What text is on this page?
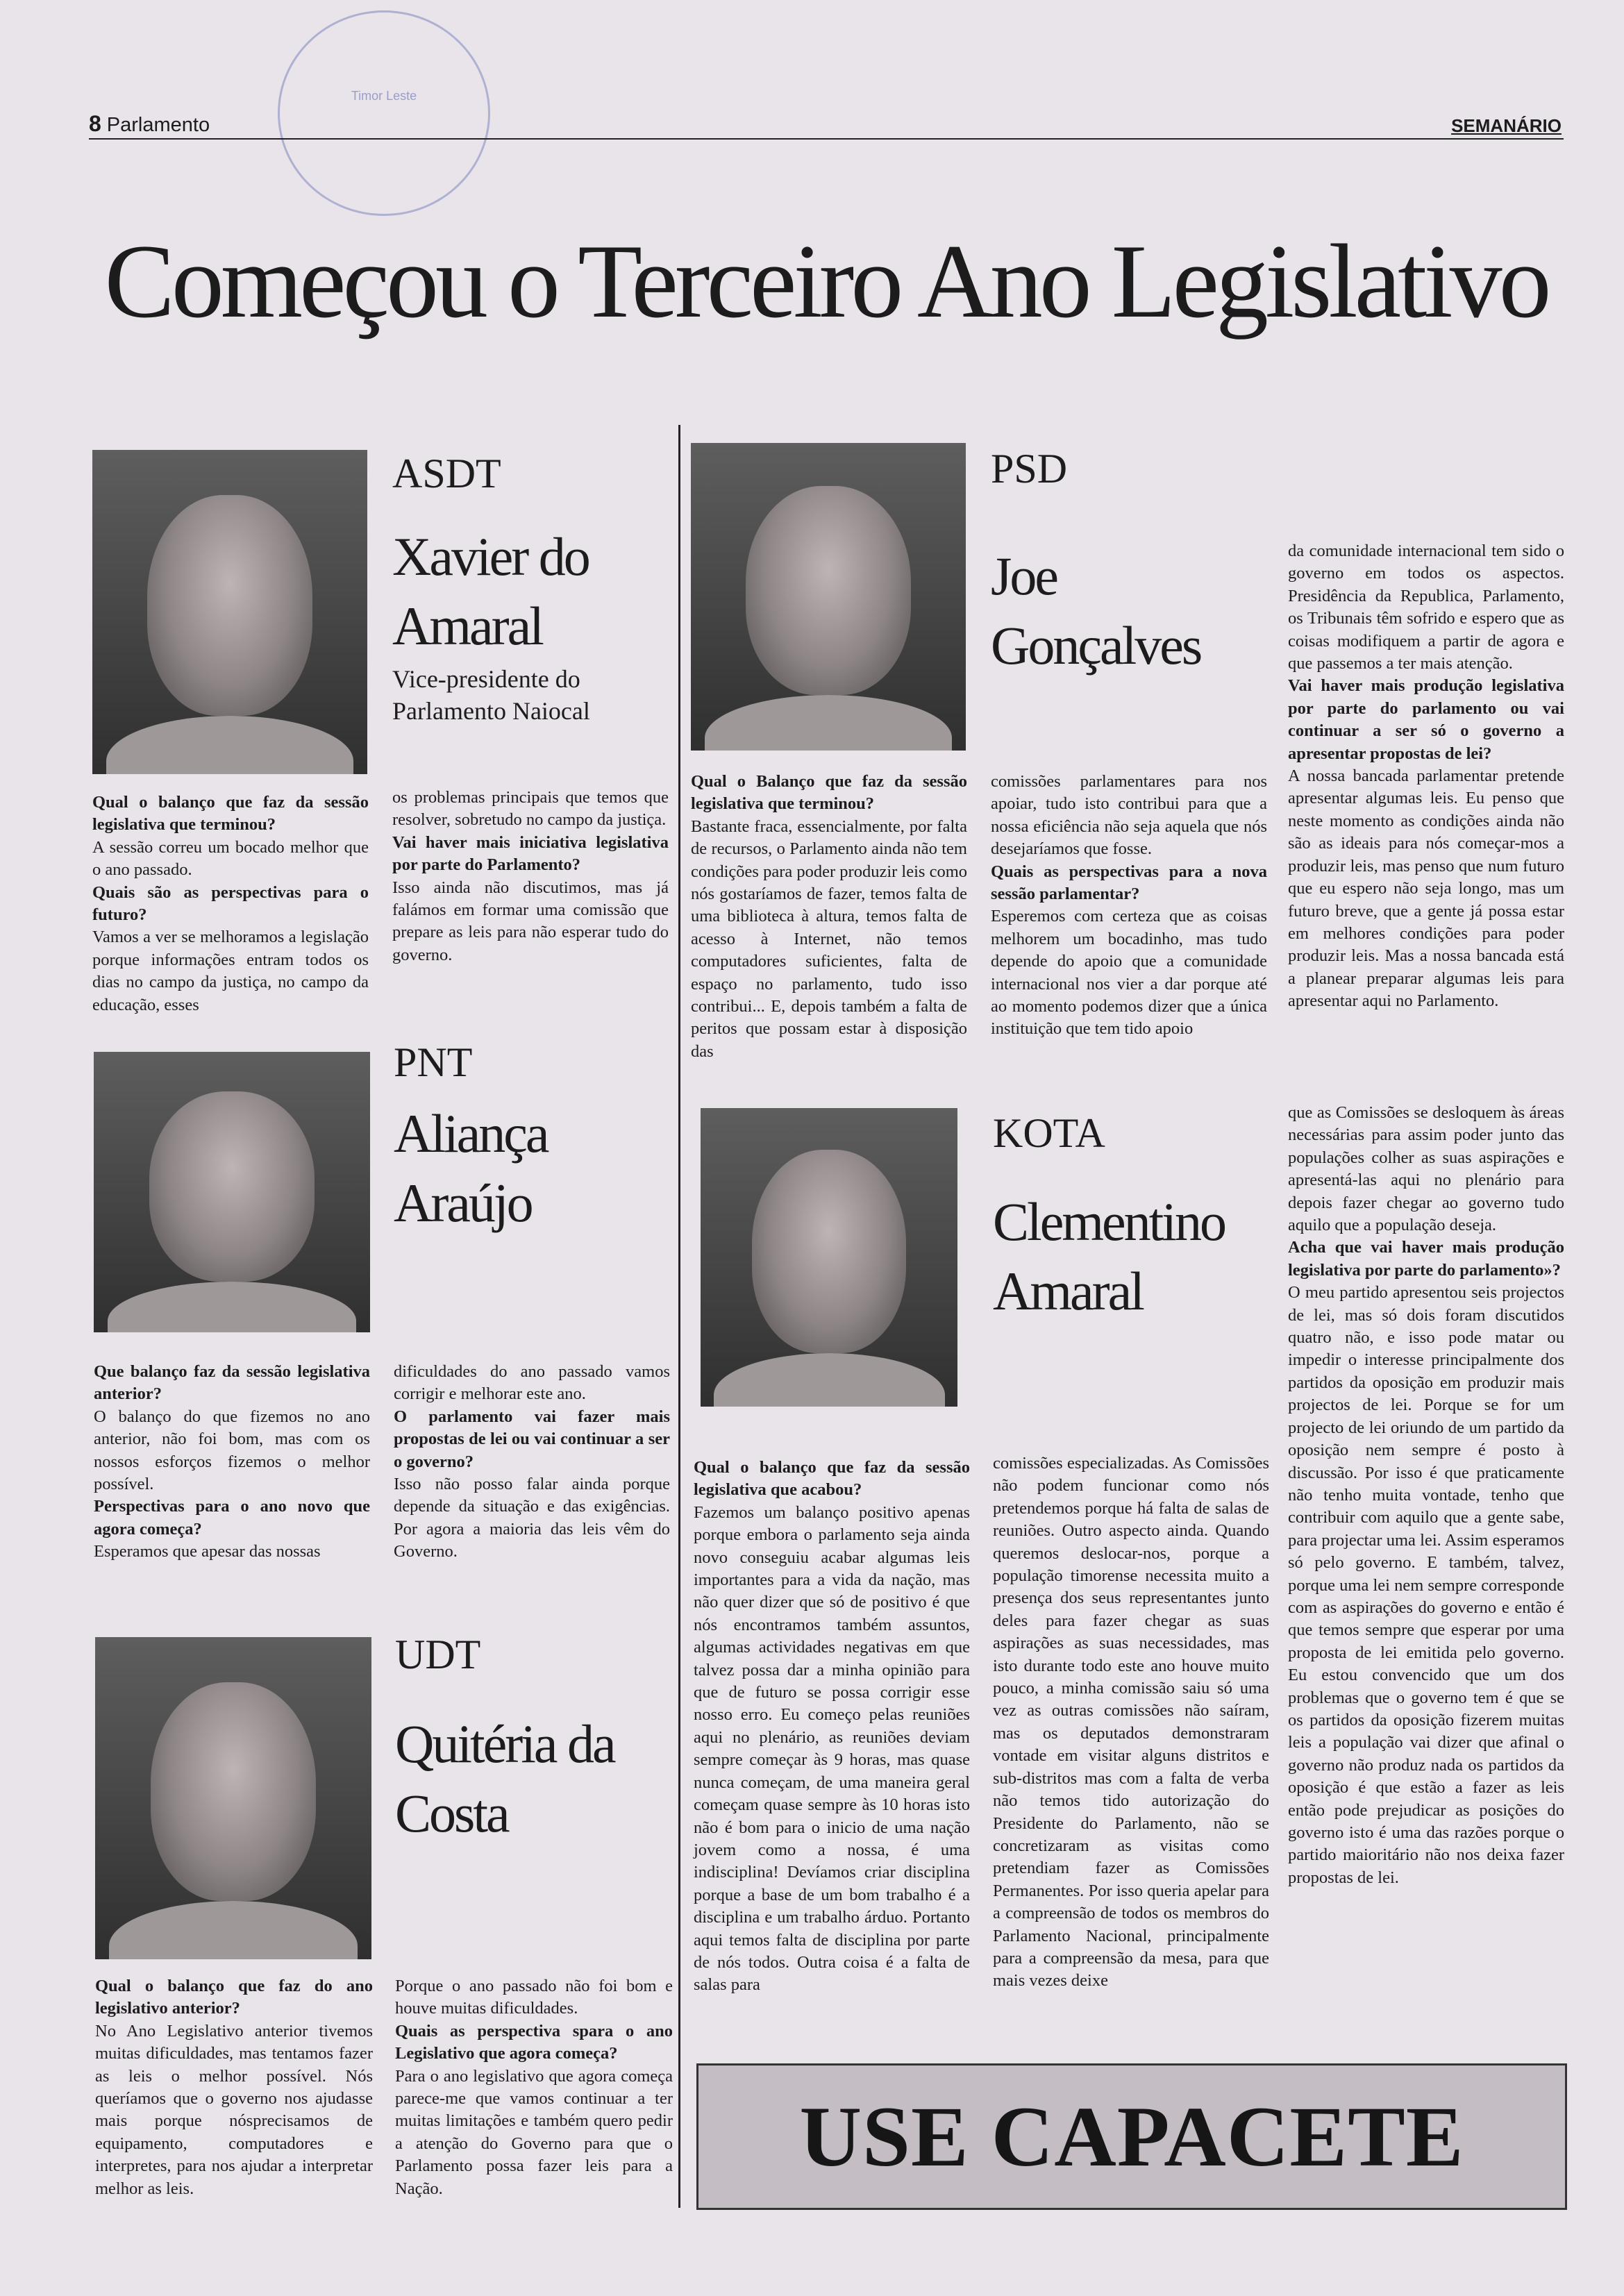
Timor Leste
8 Parlamento	SEMANÁRIO
Começou o Terceiro Ano Legislativo
ASDT
Xavier do
Amaral
Vice-presidente do
Parlamento Naiocal

Qual o balanço que faz da sessão legislativa que terminou?

A sessão correu um bocado melhor que o ano passado.

Quais são as perspectivas para o futuro?

Vamos a ver se melhoramos a legislação porque informações entram todos os dias no campo da justiça, no campo da educação, esses

os problemas principais que temos que resolver, sobretudo no campo da justiça.

Vai haver mais iniciativa legislativa por parte do Parlamento?

Isso ainda não discutimos, mas já falámos em formar uma comissão que prepare as leis para não esperar tudo do governo.

PNT
Aliança
Araújo

Que balanço faz da sessão legislativa anterior?

O balanço do que fizemos no ano anterior, não foi bom, mas com os nossos esforços fizemos o melhor possível.

Perspectivas para o ano novo que agora começa?

Esperamos que apesar das nossas

dificuldades do ano passado vamos corrigir e melhorar este ano.

O parlamento vai fazer mais propostas de lei ou vai continuar a ser o governo?

Isso não posso falar ainda porque depende da situação e das exigências. Por agora a maioria das leis vêm do Governo.

UDT
Quitéria da
Costa

Qual o balanço que faz do ano legislativo anterior?

No Ano Legislativo anterior tivemos muitas dificuldades, mas tentamos fazer as leis o melhor possível. Nós queríamos que o governo nos ajudasse mais porque nósprecisamos de equipamento, computadores e interpretes, para nos ajudar a interpretar melhor as leis.

Porque o ano passado não foi bom e houve muitas dificuldades.

Quais as perspectiva spara o ano Legislativo que agora começa?

Para o ano legislativo que agora começa parece-me que vamos continuar a ter muitas limitações e também quero pedir a atenção do Governo para que o Parlamento possa fazer leis para a Nação.

PSD
Joe
Gonçalves

Qual o Balanço que faz da sessão legislativa que terminou?

Bastante fraca, essencialmente, por falta de recursos, o Parlamento ainda não tem condições para poder produzir leis como nós gostaríamos de fazer, temos falta de uma biblioteca à altura, temos falta de acesso à Internet, não temos computadores suficientes, falta de espaço no parlamento, tudo isso contribui... E, depois também a falta de peritos que possam estar à disposição das

comissões parlamentares para nos apoiar, tudo isto contribui para que a nossa eficiência não seja aquela que nós desejaríamos que fosse.

Quais as perspectivas para a nova sessão parlamentar?

Esperemos com certeza que as coisas melhorem um bocadinho, mas tudo depende do apoio que a comunidade internacional nos vier a dar porque até ao momento podemos dizer que a única instituição que tem tido apoio

da comunidade internacional tem sido o governo em todos os aspectos. Presidência da Republica, Parlamento, os Tribunais têm sofrido e espero que as coisas modifiquem a partir de agora e que passemos a ter mais atenção.

Vai haver mais produção legislativa por parte do parlamento ou vai continuar a ser só o governo a apresentar propostas de lei?

A nossa bancada parlamentar pretende apresentar algumas leis. Eu penso que neste momento as condições ainda não são as ideais para nós começar-mos a produzir leis, mas penso que num futuro que eu espero não seja longo, mas um futuro breve, que a gente já possa estar em melhores condições para poder produzir leis. Mas a nossa bancada está a planear preparar algumas leis para apresentar aqui no Parlamento.

KOTA
Clementino
Amaral

Qual o balanço que faz da sessão legislativa que acabou?

Fazemos um balanço positivo apenas porque embora o parlamento seja ainda novo conseguiu acabar algumas leis importantes para a vida da nação, mas não quer dizer que só de positivo é que nós encontramos também assuntos, algumas actividades negativas em que talvez possa dar a minha opinião para que de futuro se possa corrigir esse nosso erro. Eu começo pelas reuniões aqui no plenário, as reuniões deviam sempre começar às 9 horas, mas quase nunca começam, de uma maneira geral começam quase sempre às 10 horas isto não é bom para o inicio de uma nação jovem como a nossa, é uma indisciplina! Devíamos criar disciplina porque a base de um bom trabalho é a disciplina e um trabalho árduo. Portanto aqui temos falta de disciplina por parte de nós todos. Outra coisa é a falta de salas para

comissões especializadas. As Comissões não podem funcionar como nós pretendemos porque há falta de salas de reuniões. Outro aspecto ainda. Quando queremos deslocar-nos, porque a população timorense necessita muito a presença dos seus representantes junto deles para fazer chegar as suas aspirações as suas necessidades, mas isto durante todo este ano houve muito pouco, a minha comissão saiu só uma vez as outras comissões não saíram, mas os deputados demonstraram vontade em visitar alguns distritos e sub-distritos mas com a falta de verba não temos tido autorização do Presidente do Parlamento, não se concretizaram as visitas como pretendiam fazer as Comissões Permanentes. Por isso queria apelar para a compreensão de todos os membros do Parlamento Nacional, principalmente para a compreensão da mesa, para que mais vezes deixe

que as Comissões se desloquem às áreas necessárias para assim poder junto das populações colher as suas aspirações e apresentá-las aqui no plenário para depois fazer chegar ao governo tudo aquilo que a população deseja.

Acha que vai haver mais produção legislativa por parte do parlamento»?

O meu partido apresentou seis projectos de lei, mas só dois foram discutidos quatro não, e isso pode matar ou impedir o interesse principalmente dos partidos da oposição em produzir mais projectos de lei. Porque se for um projecto de lei oriundo de um partido da oposição nem sempre é posto à discussão. Por isso é que praticamente não tenho muita vontade, tenho que contribuir com aquilo que a gente sabe, para projectar uma lei. Assim esperamos só pelo governo. E também, talvez, porque uma lei nem sempre corresponde com as aspirações do governo e então é que temos sempre que esperar por uma proposta de lei emitida pelo governo. Eu estou convencido que um dos problemas que o governo tem é que se os partidos da oposição fizerem muitas leis a população vai dizer que afinal o governo não produz nada os partidos da oposição é que estão a fazer as leis então pode prejudicar as posições do governo isto é uma das razões porque o partido maioritário não nos deixa fazer propostas de lei.

USE CAPACETE
